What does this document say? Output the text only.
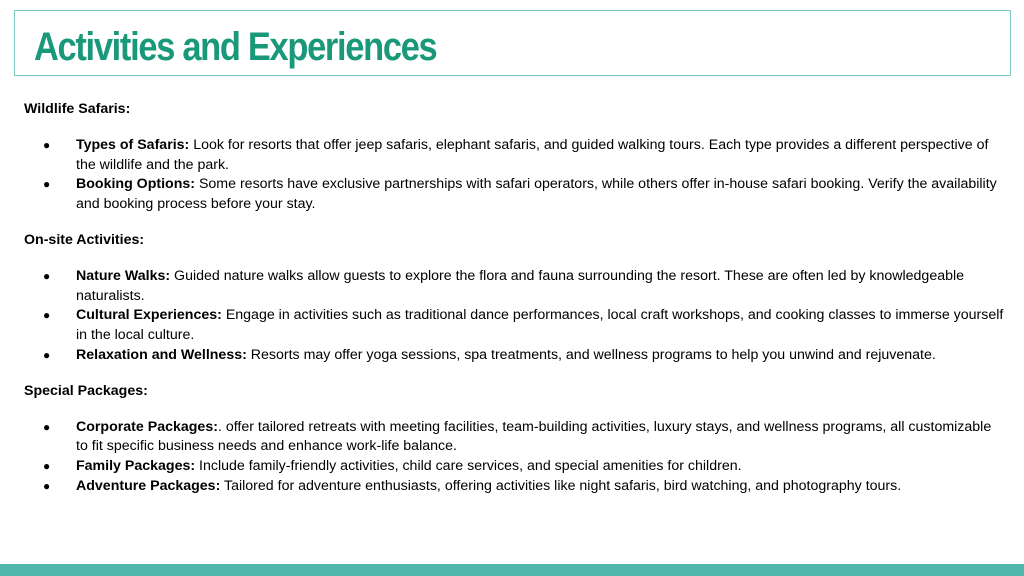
Activities and Experiences

Wildlife Safaris:

● Types of Safaris: Look for resorts that offer jeep safaris, elephant safaris, and guided walking tours. Each type provides a different perspective of the wildlife and the park.
● Booking Options: Some resorts have exclusive partnerships with safari operators, while others offer in-house safari booking. Verify the availability and booking process before your stay.

On-site Activities:

● Nature Walks: Guided nature walks allow guests to explore the flora and fauna surrounding the resort. These are often led by knowledgeable naturalists.
● Cultural Experiences: Engage in activities such as traditional dance performances, local craft workshops, and cooking classes to immerse yourself in the local culture.
● Relaxation and Wellness: Resorts may offer yoga sessions, spa treatments, and wellness programs to help you unwind and rejuvenate.

Special Packages:

● Corporate Packages:. offer tailored retreats with meeting facilities, team-building activities, luxury stays, and wellness programs, all customizable to fit specific business needs and enhance work-life balance.
● Family Packages: Include family-friendly activities, child care services, and special amenities for children.
● Adventure Packages: Tailored for adventure enthusiasts, offering activities like night safaris, bird watching, and photography tours.
